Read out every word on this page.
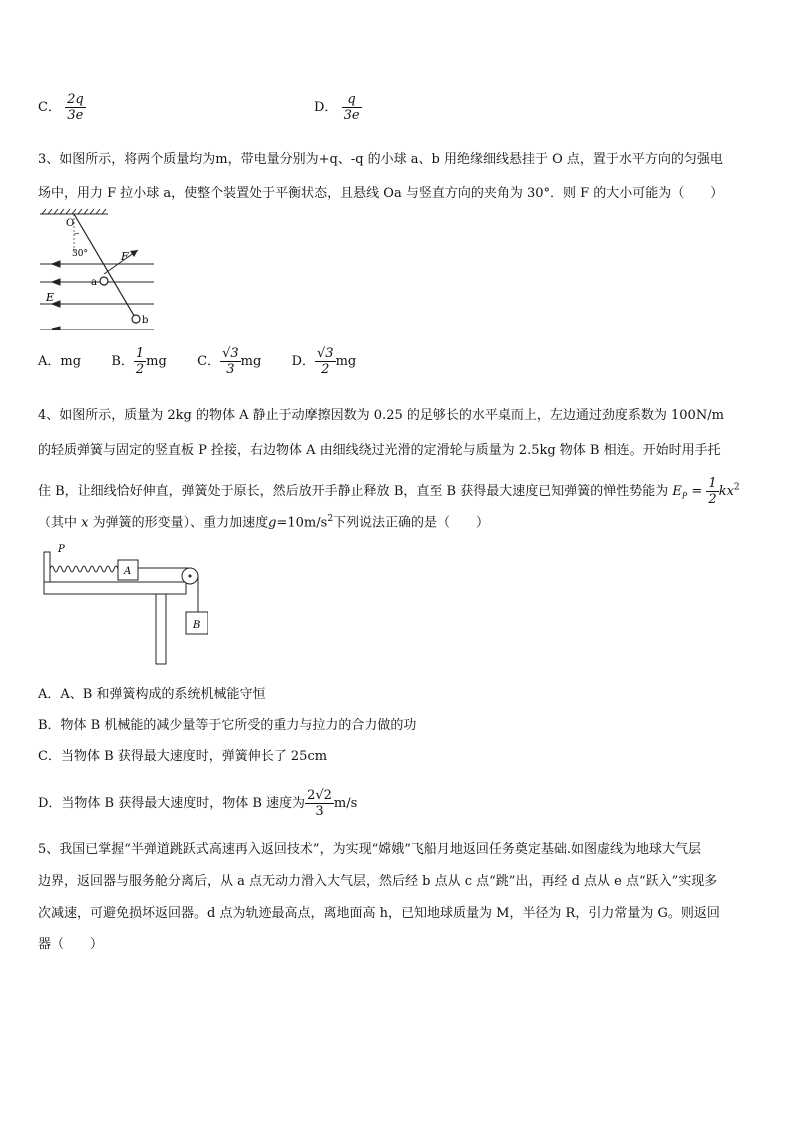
C． $\frac{2q}{3e}$	D． $\frac{q}{3e}$
3、如图所示，将两个质量均为m，带电量分别为+q、-q 的小球 a、b 用绝缘细线悬挂于 O 点，置于水平方向的匀强电
场中，用力 F 拉小球 a，使整个装置处于平衡状态，且悬线 Oa 与竖直方向的夹角为 30°．则 F 的大小可能为（　　）
O
30°	F
a
E
b
A．mg B． $\frac{1}{2}$ mg C． $\frac{√3}{3}$ mg D． $\frac{√3}{2}$ mg
4、如图所示，质量为 2kg 的物体 A 静止于动摩擦因数为 0.25 的足够长的水平桌而上，左边通过劲度系数为 100N/m
的轻质弹簧与固定的竖直板 P 拴接，右边物体 A 由细线绕过光滑的定滑轮与质量为 2.5kg 物体 B 相连。开始时用手托
住 B，让细线恰好伸直，弹簧处于原长，然后放开手静止释放 B，直至 B 获得最大速度已知弹簧的惮性势能为 $E_P = \frac{1}{2} kx^2$
（其中 x 为弹簧的形变量）、重力加速度$g=10m/s^2$下列说法正确的是（　　）
P
A
B
A．A、B 和弹簧构成的系统机械能守恒
B．物体 B 机械能的减少量等于它所受的重力与拉力的合力做的功
C．当物体 B 获得最大速度时，弹簧伸长了 25cm
D．当物体 B 获得最大速度时，物体 B 速度为 $\frac{2√2}{3} m/s$
5、我国已掌握“半弹道跳跃式高速再入返回技术”，为实现“嫦娥”飞船月地返回任务奠定基础.如图虚线为地球大气层
边界，返回器与服务舱分离后，从 a 点无动力滑入大气层，然后经 b 点从 c 点“跳”出，再经 d 点从 e 点“跃入”实现多
次减速，可避免损坏返回器。d 点为轨迹最高点，离地面高 h，已知地球质量为 M，半径为 R，引力常量为 G。则返回
器（　　）
